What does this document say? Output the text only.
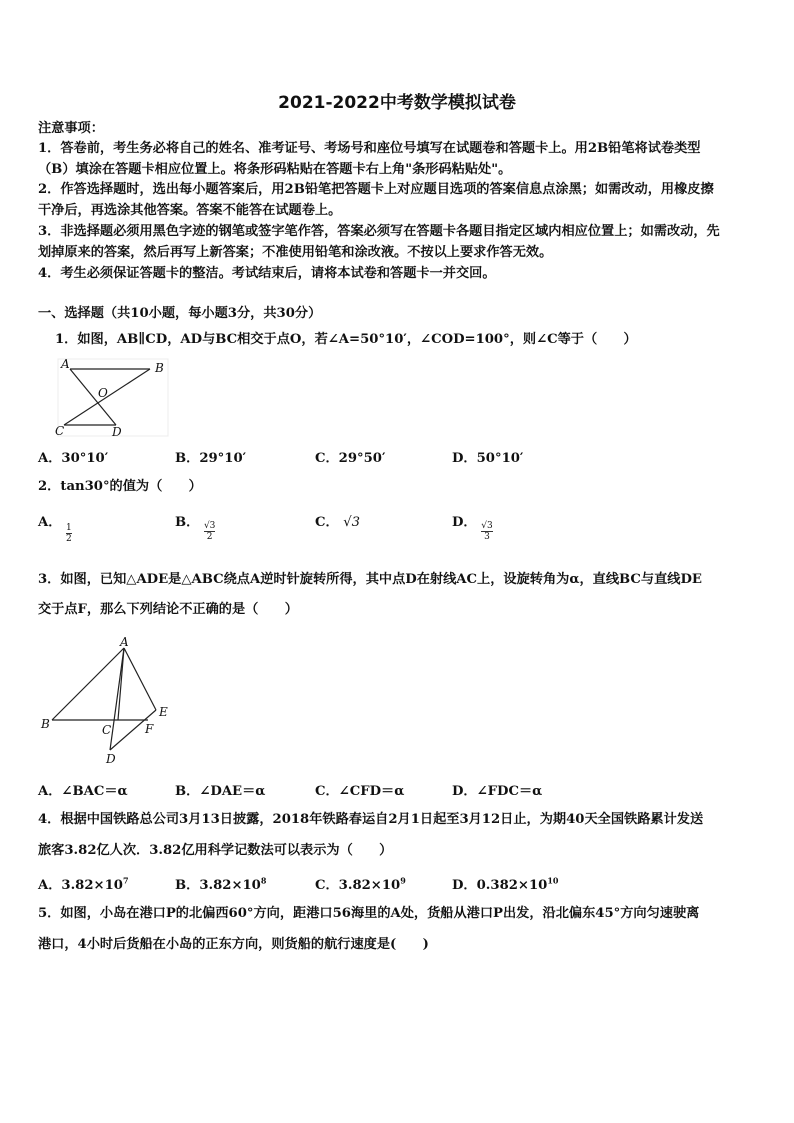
2021-2022中考数学模拟试卷
注意事项：
1．答卷前，考生务必将自己的姓名、准考证号、考场号和座位号填写在试题卷和答题卡上。用2B铅笔将试卷类型
（B）填涂在答题卡相应位置上。将条形码粘贴在答题卡右上角"条形码粘贴处"。
2．作答选择题时，选出每小题答案后，用2B铅笔把答题卡上对应题目选项的答案信息点涂黑；如需改动，用橡皮擦
干净后，再选涂其他答案。答案不能答在试题卷上。
3．非选择题必须用黑色字迹的钢笔或签字笔作答，答案必须写在答题卡各题目指定区域内相应位置上；如需改动，先
划掉原来的答案，然后再写上新答案；不准使用铅笔和涂改液。不按以上要求作答无效。
4．考生必须保证答题卡的整洁。考试结束后，请将本试卷和答题卡一并交回。
一、选择题（共10小题，每小题3分，共30分）
1．如图，AB∥CD，AD与BC相交于点O，若∠A=50°10′，∠COD=100°，则∠C等于（　　）
A	B
O
C	D
A．30°10′	B．29°10′	C．29°50′	D．50°10′
2．tan30°的值为（　　）
A．
$\frac{1}{2}$
B． $\frac{√3}{2}$	C． √3	D． $\frac{√3}{3}$
3．如图，已知△ADE是△ABC绕点A逆时针旋转所得，其中点D在射线AC上，设旋转角为α，直线BC与直线DE
交于点F，那么下列结论不正确的是（　　）
A
B	C
D
E
F
A．∠BAC＝α	B．∠DAE＝α	C．∠CFD＝α	D．∠FDC＝α
4．根据中国铁路总公司3月13日披露，2018年铁路春运自2月1日起至3月12日止，为期40天全国铁路累计发送
旅客3.82亿人次．3.82亿用科学记数法可以表示为（　　）
A．$3.82\times 10^7$	B．$3.82\times 10^8$	C．$3.82\times 10^9$	D．$0.382\times 10^{10}$
5．如图，小岛在港口P的北偏西60°方向，距港口56海里的A处，货船从港口P出发，沿北偏东45°方向匀速驶离
港口，4小时后货船在小岛的正东方向，则货船的航行速度是(　　)
